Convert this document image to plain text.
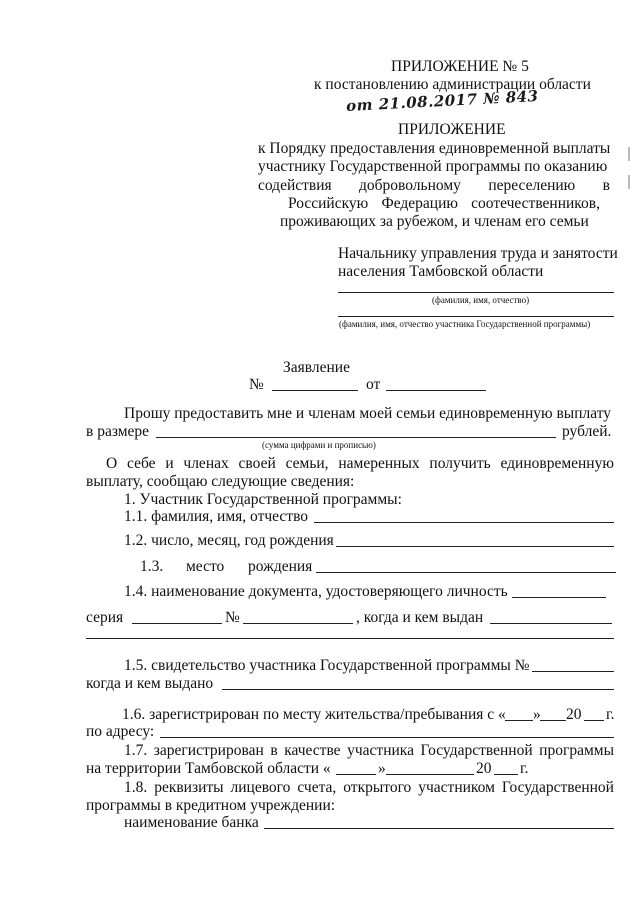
ПРИЛОЖЕНИЕ № 5
к постановлению администрации области
от 21.08.2017 № 843
ПРИЛОЖЕНИЕ
к Порядку предоставления единовременной выплаты
участнику Государственной программы по оказанию
содействия добровольному переселению в
Российскую Федерацию соотечественников,
проживающих за рубежом, и членам его семьи
Начальнику управления труда и занятости
населения Тамбовской области
(фамилия, имя, отчество)
(фамилия, имя, отчество участника Государственной программы)
Заявление
№	от
Прошу предоставить мне и членам моей семьи единовременную выплату
в размере	рублей.
(сумма цифрами и прописью)
О себе и членах своей семьи, намеренных получить единовременную
выплату, сообщаю следующие сведения:
1. Участник Государственной программы:
1.1. фамилия, имя, отчество
1.2. число, месяц, год рождения
1.3. место рождения
1.4. наименование документа, удостоверяющего личность
серия	№	, когда и кем выдан
1.5. свидетельство участника Государственной программы №
когда и кем выдано
1.6. зарегистрирован по месту жительства/пребывания с « » 20 г.
по адресу:
1.7. зарегистрирован в качестве участника Государственной программы
на территории Тамбовской области «	»	20 г.
1.8. реквизиты лицевого счета, открытого участником Государственной
программы в кредитном учреждении:
наименование банка
